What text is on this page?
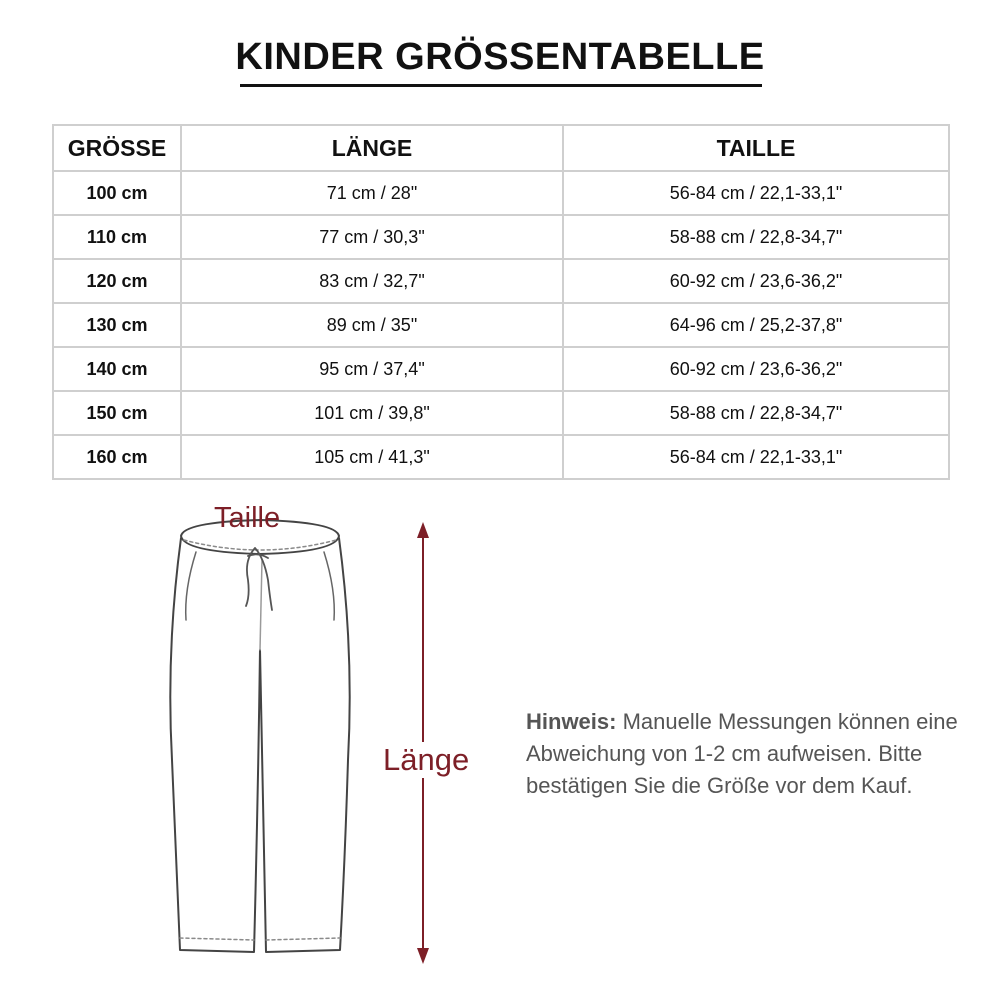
KINDER GRÖSSENTABELLE
GRÖSSE	LÄNGE	TAILLE
100 cm	71 cm / 28"	56-84 cm / 22,1-33,1"
110 cm	77 cm / 30,3"	58-88 cm / 22,8-34,7"
120 cm	83 cm / 32,7"	60-92 cm / 23,6-36,2"
130 cm	89 cm / 35"	64-96 cm / 25,2-37,8"
140 cm	95 cm / 37,4"	60-92 cm / 23,6-36,2"
150 cm	101 cm / 39,8"	58-88 cm / 22,8-34,7"
160 cm	105 cm / 41,3"	56-84 cm / 22,1-33,1"
Taille
Länge
Hinweis: Manuelle Messungen können eine Abweichung von 1-2 cm aufweisen. Bitte bestätigen Sie die Größe vor dem Kauf.
